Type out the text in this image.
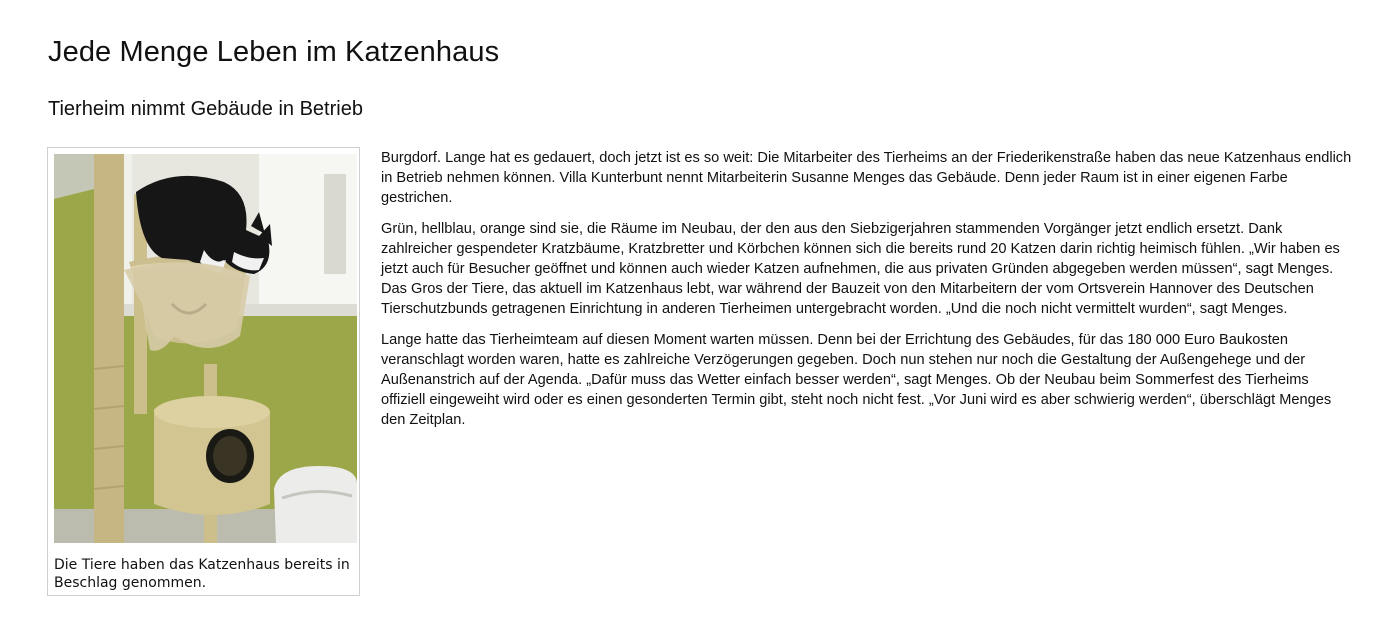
Jede Menge Leben im Katzenhaus
Tierheim nimmt Gebäude in Betrieb

Die Tiere haben das Katzenhaus bereits in Beschlag genommen.

Burgdorf. Lange hat es gedauert, doch jetzt ist es so weit: Die Mitarbeiter des Tierheims an der Friederikenstraße haben das neue Katzenhaus endlich in Betrieb nehmen können. Villa Kunterbunt nennt Mitarbeiterin Susanne Menges das Gebäude. Denn jeder Raum ist in einer eigenen Farbe gestrichen.

Grün, hellblau, orange sind sie, die Räume im Neubau, der den aus den Siebzigerjahren stammenden Vorgänger jetzt endlich ersetzt. Dank zahlreicher gespendeter Kratzbäume, Kratzbretter und Körbchen können sich die bereits rund 20 Katzen darin richtig heimisch fühlen. „Wir haben es jetzt auch für Besucher geöffnet und können auch wieder Katzen aufnehmen, die aus privaten Gründen abgegeben werden müssen“, sagt Menges. Das Gros der Tiere, das aktuell im Katzenhaus lebt, war während der Bauzeit von den Mitarbeitern der vom Ortsverein Hannover des Deutschen Tierschutzbunds getragenen Einrichtung in anderen Tierheimen untergebracht worden. „Und die noch nicht vermittelt wurden“, sagt Menges.

Lange hatte das Tierheimteam auf diesen Moment warten müssen. Denn bei der Errichtung des Gebäudes, für das 180 000 Euro Baukosten veranschlagt worden waren, hatte es zahlreiche Verzögerungen gegeben. Doch nun stehen nur noch die Gestaltung der Außengehege und der Außenanstrich auf der Agenda. „Dafür muss das Wetter einfach besser werden“, sagt Menges. Ob der Neubau beim Sommerfest des Tierheims offiziell eingeweiht wird oder es einen gesonderten Termin gibt, steht noch nicht fest. „Vor Juni wird es aber schwierig werden“, überschlägt Menges den Zeitplan.
